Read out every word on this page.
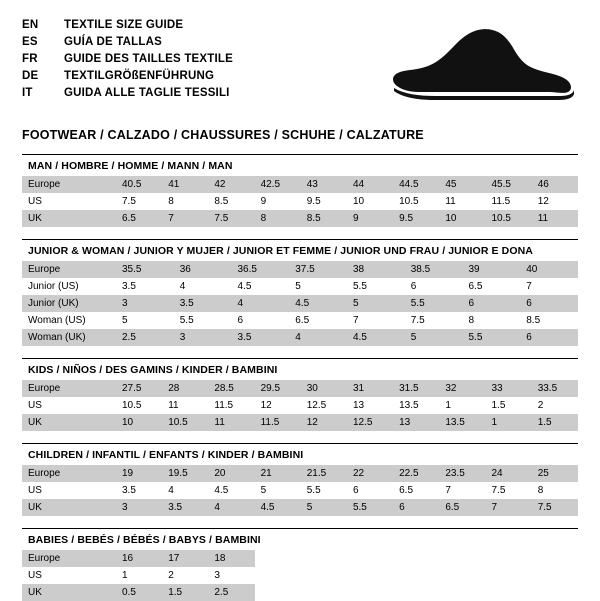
EN	TEXTILE SIZE GUIDE
ES	GUÍA DE TALLAS
FR	GUIDE DES TAILLES TEXTILE
DE	TEXTILGRÖßENFÜHRUNG
IT	GUIDA ALLE TAGLIE TESSILI
FOOTWEAR / CALZADO / CHAUSSURES / SCHUHE / CALZATURE
MAN / HOMBRE / HOMME / MANN / MAN
Europe	40.5	41	42	42.5	43	44	44.5	45	45.5	46
US	7.5	8	8.5	9	9.5	10	10.5	11	11.5	12
UK	6.5	7	7.5	8	8.5	9	9.5	10	10.5	11
JUNIOR & WOMAN / JUNIOR Y MUJER / JUNIOR ET FEMME / JUNIOR UND FRAU / JUNIOR E DONA
Europe	35.5	36	36.5	37.5	38	38.5	39	40
Junior (US)	3.5	4	4.5	5	5.5	6	6.5	7
Junior (UK)	3	3.5	4	4.5	5	5.5	6	6
Woman (US)	5	5.5	6	6.5	7	7.5	8	8.5
Woman (UK)	2.5	3	3.5	4	4.5	5	5.5	6
KIDS / NIÑOS / DES GAMINS / KINDER / BAMBINI
Europe	27.5	28	28.5	29.5	30	31	31.5	32	33	33.5
US	10.5	11	11.5	12	12.5	13	13.5	1	1.5	2
UK	10	10.5	11	11.5	12	12.5	13	13.5	1	1.5
CHILDREN / INFANTIL / ENFANTS / KINDER / BAMBINI
Europe	19	19.5	20	21	21.5	22	22.5	23.5	24	25
US	3.5	4	4.5	5	5.5	6	6.5	7	7.5	8
UK	3	3.5	4	4.5	5	5.5	6	6.5	7	7.5
BABIES / BEBÉS / BÉBÉS / BABYS / BAMBINI
Europe	16	17	18							
US	1	2	3							
UK	0.5	1.5	2.5							
